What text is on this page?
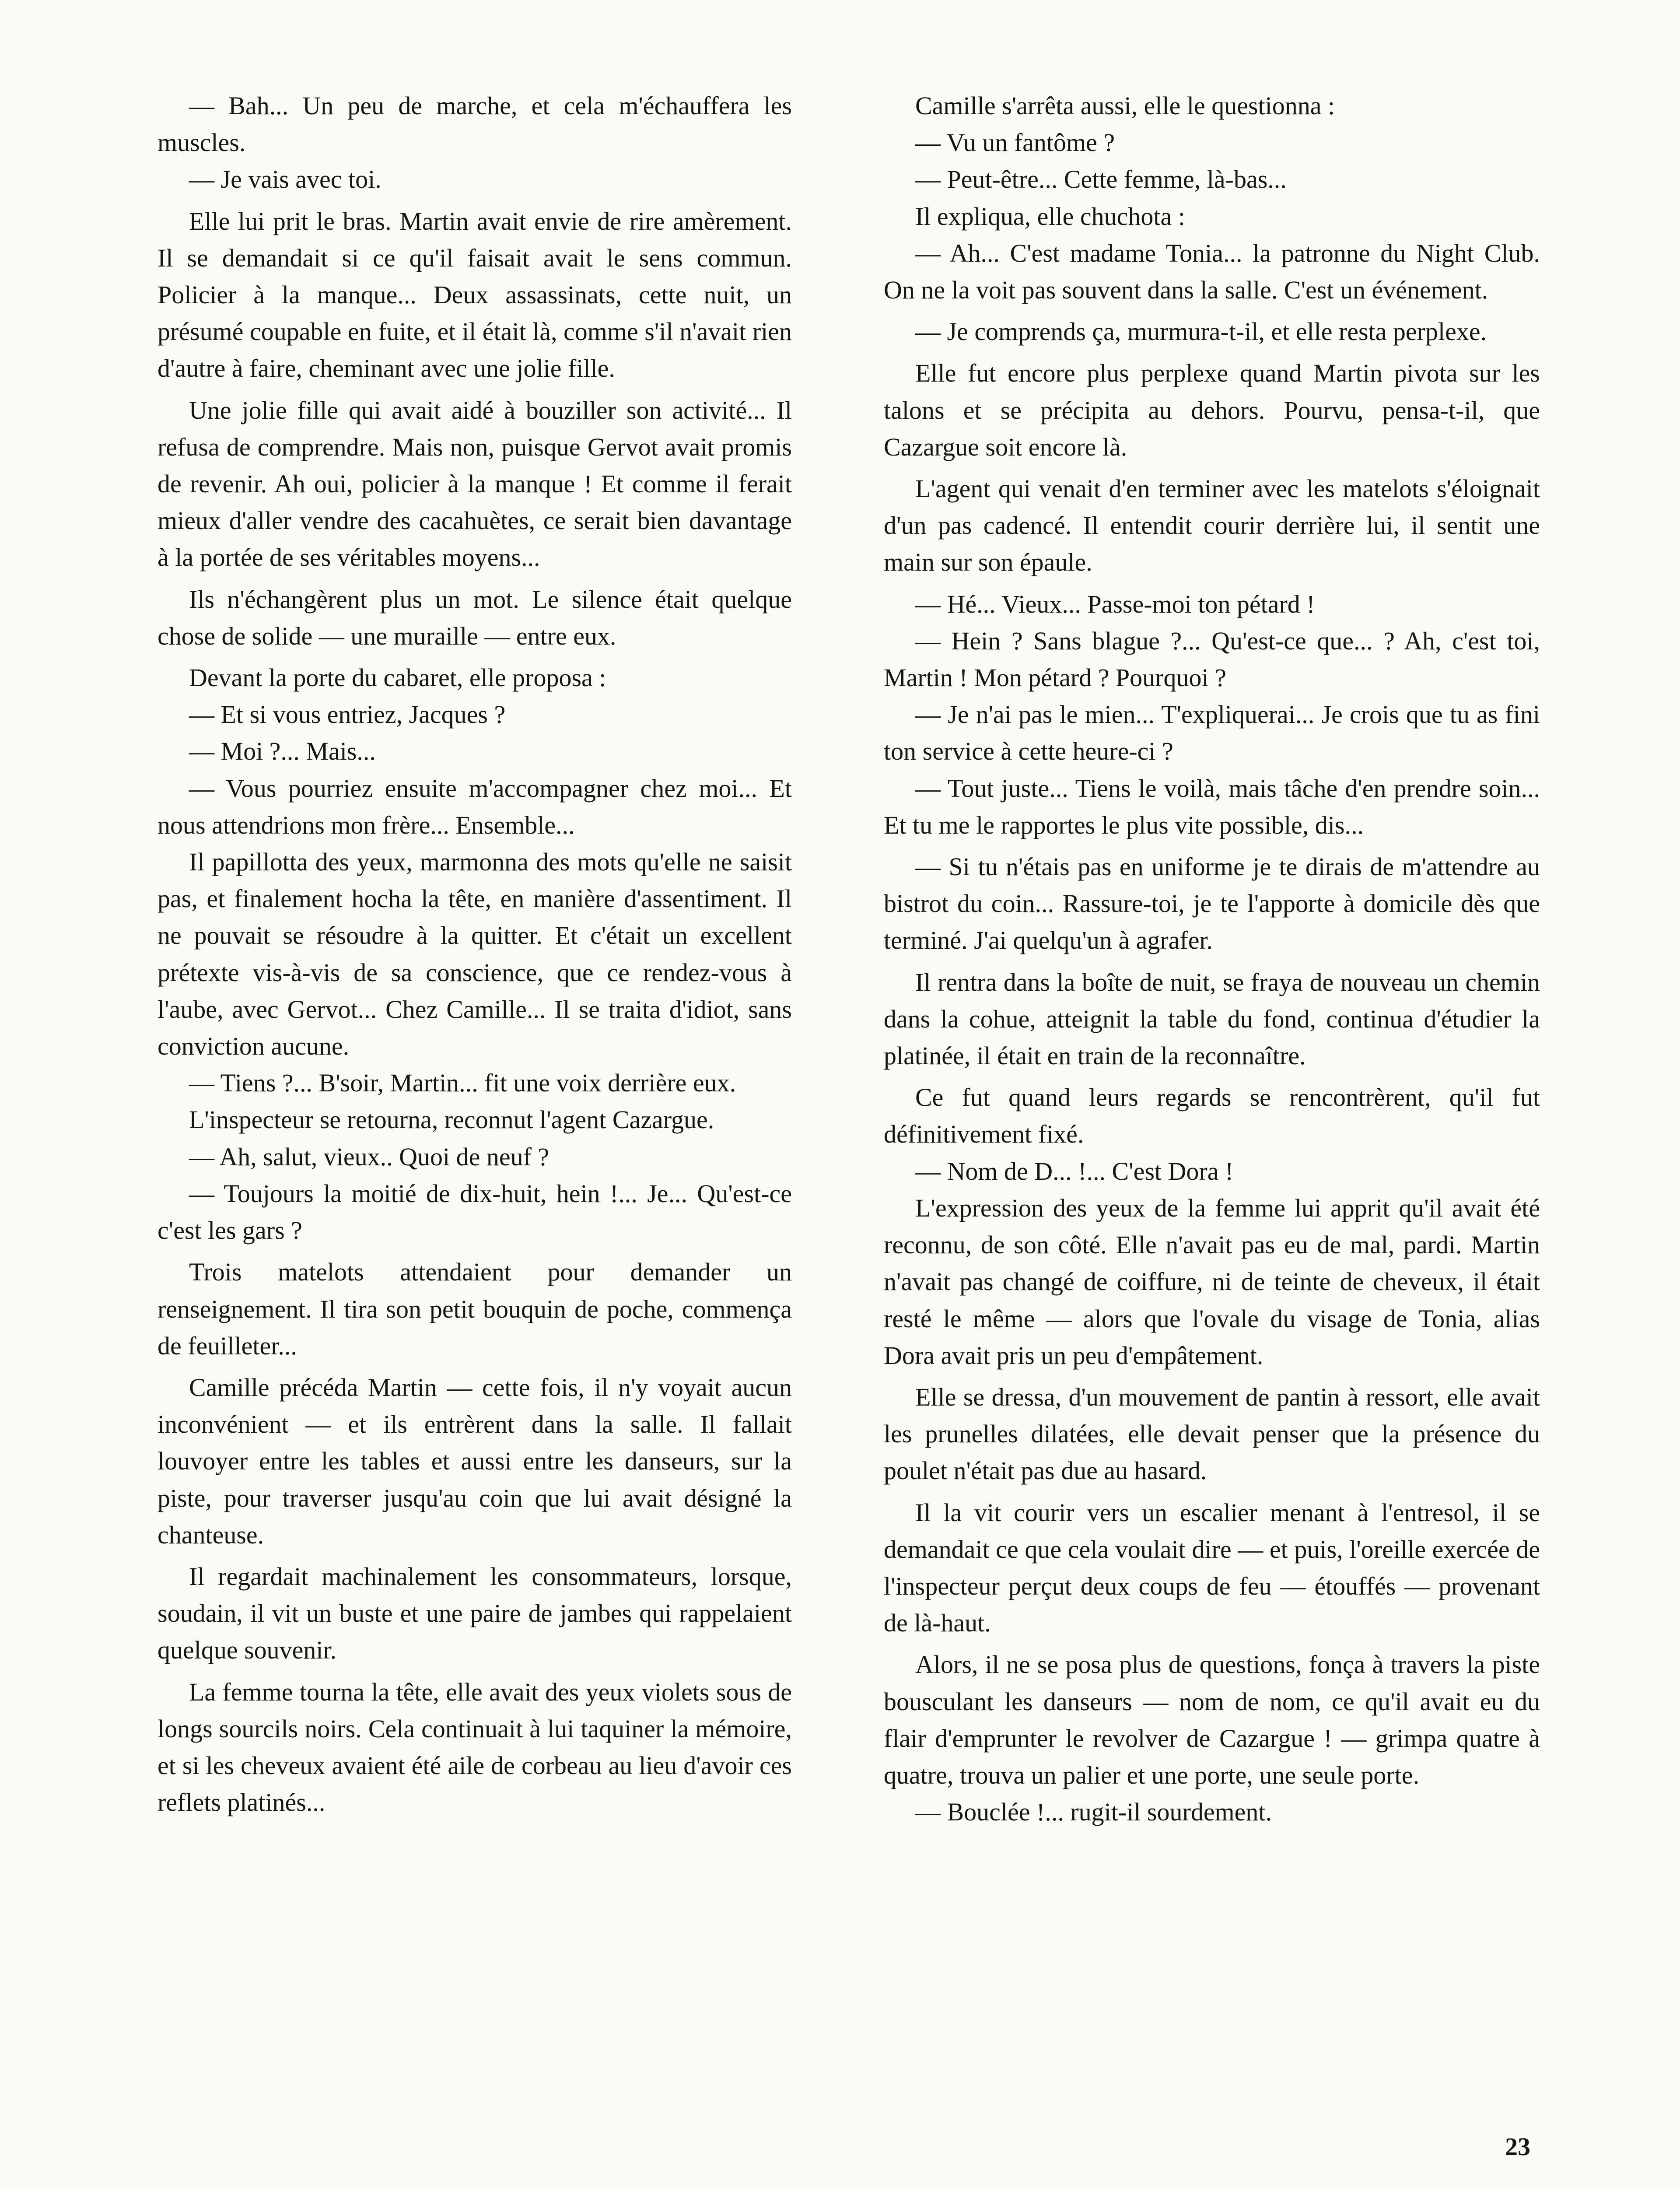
— Bah... Un peu de marche, et cela m'échauffera les muscles.

— Je vais avec toi.

Elle lui prit le bras. Martin avait envie de rire amèrement. Il se demandait si ce qu'il faisait avait le sens commun. Policier à la manque... Deux assassinats, cette nuit, un présumé coupable en fuite, et il était là, comme s'il n'avait rien d'autre à faire, cheminant avec une jolie fille.

Une jolie fille qui avait aidé à bouziller son activité... Il refusa de comprendre. Mais non, puisque Gervot avait promis de revenir. Ah oui, policier à la manque ! Et comme il ferait mieux d'aller vendre des cacahuètes, ce serait bien davantage à la portée de ses véritables moyens...

Ils n'échangèrent plus un mot. Le silence était quelque chose de solide — une muraille — entre eux.

Devant la porte du cabaret, elle proposa :

— Et si vous entriez, Jacques ?

— Moi ?... Mais...

— Vous pourriez ensuite m'accompagner chez moi... Et nous attendrions mon frère... Ensemble...

Il papillotta des yeux, marmonna des mots qu'elle ne saisit pas, et finalement hocha la tête, en manière d'assentiment. Il ne pouvait se résoudre à la quitter. Et c'était un excellent prétexte vis-à-vis de sa conscience, que ce rendez-vous à l'aube, avec Gervot... Chez Camille... Il se traita d'idiot, sans conviction aucune.

— Tiens ?... B'soir, Martin... fit une voix derrière eux.

L'inspecteur se retourna, reconnut l'agent Cazargue.

— Ah, salut, vieux.. Quoi de neuf ?

— Toujours la moitié de dix-huit, hein !... Je... Qu'est-ce c'est les gars ?

Trois matelots attendaient pour demander un renseignement. Il tira son petit bouquin de poche, commença de feuilleter...

Camille précéda Martin — cette fois, il n'y voyait aucun inconvénient — et ils entrèrent dans la salle. Il fallait louvoyer entre les tables et aussi entre les danseurs, sur la piste, pour traverser jusqu'au coin que lui avait désigné la chanteuse.

Il regardait machinalement les consommateurs, lorsque, soudain, il vit un buste et une paire de jambes qui rappelaient quelque souvenir.

La femme tourna la tête, elle avait des yeux violets sous de longs sourcils noirs. Cela continuait à lui taquiner la mémoire, et si les cheveux avaient été aile de corbeau au lieu d'avoir ces reflets platinés...

Camille s'arrêta aussi, elle le questionna :

— Vu un fantôme ?

— Peut-être... Cette femme, là-bas...

Il expliqua, elle chuchota :

— Ah... C'est madame Tonia... la patronne du Night Club. On ne la voit pas souvent dans la salle. C'est un événement.

— Je comprends ça, murmura-t-il, et elle resta perplexe.

Elle fut encore plus perplexe quand Martin pivota sur les talons et se précipita au dehors. Pourvu, pensa-t-il, que Cazargue soit encore là.

L'agent qui venait d'en terminer avec les matelots s'éloignait d'un pas cadencé. Il entendit courir derrière lui, il sentit une main sur son épaule.

— Hé... Vieux... Passe-moi ton pétard !

— Hein ? Sans blague ?... Qu'est-ce que... ? Ah, c'est toi, Martin ! Mon pétard ? Pourquoi ?

— Je n'ai pas le mien... T'expliquerai... Je crois que tu as fini ton service à cette heure-ci ?

— Tout juste... Tiens le voilà, mais tâche d'en prendre soin... Et tu me le rapportes le plus vite possible, dis...

— Si tu n'étais pas en uniforme je te dirais de m'attendre au bistrot du coin... Rassure-toi, je te l'apporte à domicile dès que terminé. J'ai quelqu'un à agrafer.

Il rentra dans la boîte de nuit, se fraya de nouveau un chemin dans la cohue, atteignit la table du fond, continua d'étudier la platinée, il était en train de la reconnaître.

Ce fut quand leurs regards se rencontrèrent, qu'il fut définitivement fixé.

— Nom de D... !... C'est Dora !

L'expression des yeux de la femme lui apprit qu'il avait été reconnu, de son côté. Elle n'avait pas eu de mal, pardi. Martin n'avait pas changé de coiffure, ni de teinte de cheveux, il était resté le même — alors que l'ovale du visage de Tonia, alias Dora avait pris un peu d'empâtement.

Elle se dressa, d'un mouvement de pantin à ressort, elle avait les prunelles dilatées, elle devait penser que la présence du poulet n'était pas due au hasard.

Il la vit courir vers un escalier menant à l'entresol, il se demandait ce que cela voulait dire — et puis, l'oreille exercée de l'inspecteur perçut deux coups de feu — étouffés — provenant de là-haut.

Alors, il ne se posa plus de questions, fonça à travers la piste bousculant les danseurs — nom de nom, ce qu'il avait eu du flair d'emprunter le revolver de Cazargue ! — grimpa quatre à quatre, trouva un palier et une porte, une seule porte.

— Bouclée !... rugit-il sourdement.

23
